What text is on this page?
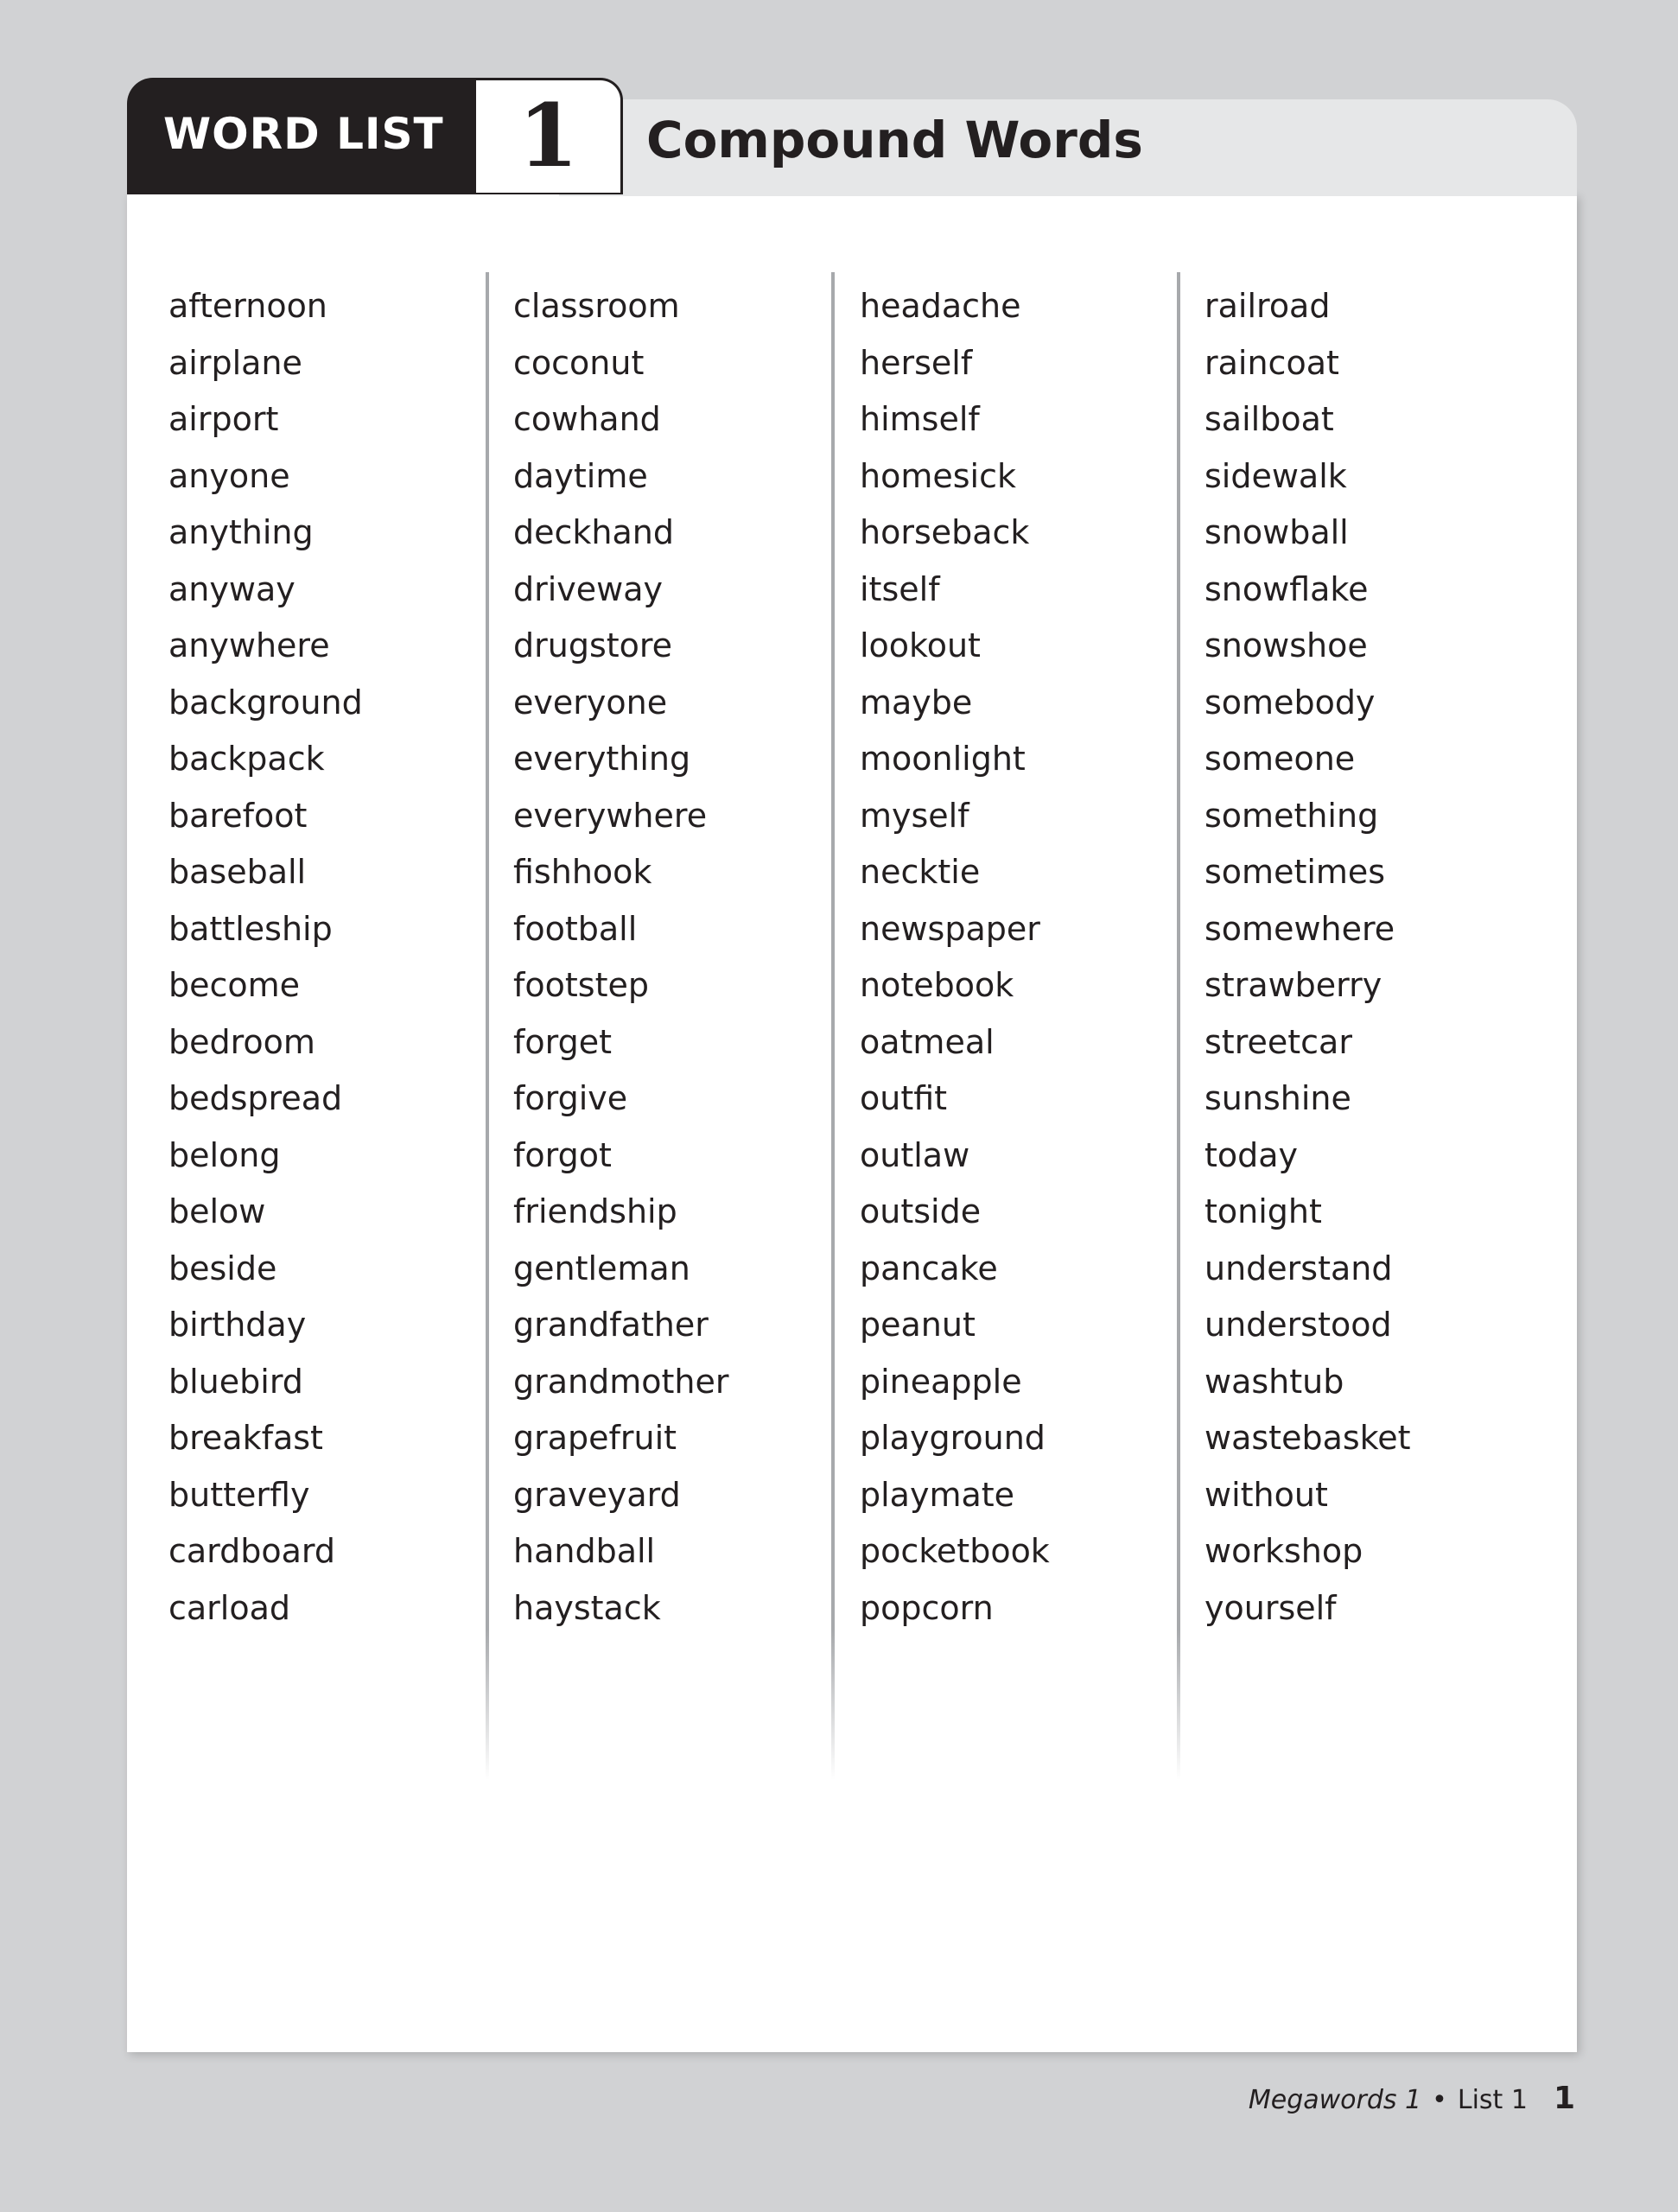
WORD LIST 1	Compound Words
afternoon
airplane
airport
anyone
anything
anyway
anywhere
background
backpack
barefoot
baseball
battleship
become
bedroom
bedspread
belong
below
beside
birthday
bluebird
breakfast
butterfly
cardboard
carload
classroom
coconut
cowhand
daytime
deckhand
driveway
drugstore
everyone
everything
everywhere
fishhook
football
footstep
forget
forgive
forgot
friendship
gentleman
grandfather
grandmother
grapefruit
graveyard
handball
haystack
headache
herself
himself
homesick
horseback
itself
lookout
maybe
moonlight
myself
necktie
newspaper
notebook
oatmeal
outfit
outlaw
outside
pancake
peanut
pineapple
playground
playmate
pocketbook
popcorn
railroad
raincoat
sailboat
sidewalk
snowball
snowflake
snowshoe
somebody
someone
something
sometimes
somewhere
strawberry
streetcar
sunshine
today
tonight
understand
understood
washtub
wastebasket
without
workshop
yourself
Megawords 1 • List 1 1
